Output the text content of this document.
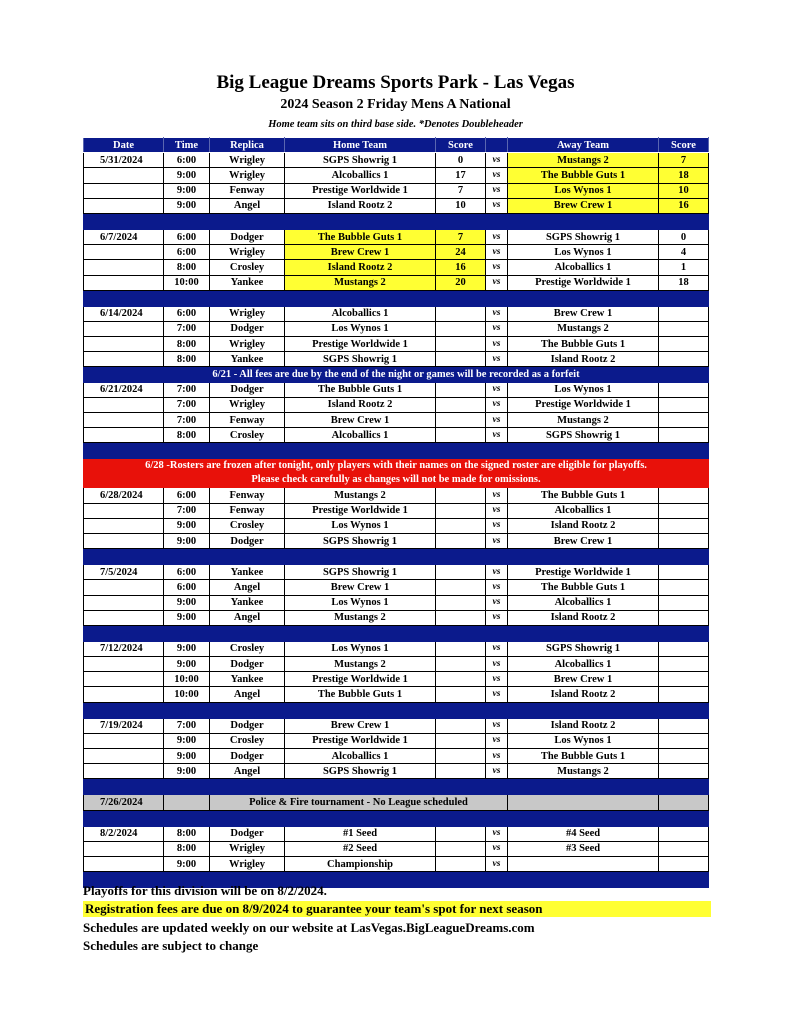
Big League Dreams Sports Park - Las Vegas
2024 Season 2 Friday Mens A National
Home team sits on third base side. *Denotes Doubleheader
Date	Time	Replica	Home Team	Score		Away Team	Score
5/31/2024	6:00	Wrigley	SGPS Showrig 1	0	vs	Mustangs 2	7
	9:00	Wrigley	Alcoballics 1	17	vs	The Bubble Guts 1	18
	9:00	Fenway	Prestige Worldwide 1	7	vs	Los Wynos 1	10
	9:00	Angel	Island Rootz 2	10	vs	Brew Crew 1	16

6/7/2024	6:00	Dodger	The Bubble Guts 1	7	vs	SGPS Showrig 1	0
	6:00	Wrigley	Brew Crew 1	24	vs	Los Wynos 1	4
	8:00	Crosley	Island Rootz 2	16	vs	Alcoballics 1	1
	10:00	Yankee	Mustangs 2	20	vs	Prestige Worldwide 1	18

6/14/2024	6:00	Wrigley	Alcoballics 1		vs	Brew Crew 1	
	7:00	Dodger	Los Wynos 1		vs	Mustangs 2	
	8:00	Wrigley	Prestige Worldwide 1		vs	The Bubble Guts 1	
	8:00	Yankee	SGPS Showrig 1		vs	Island Rootz 2	
6/21 - All fees are due by the end of the night or games will be recorded as a forfeit							
6/21/2024	7:00	Dodger	The Bubble Guts 1		vs	Los Wynos 1	
	7:00	Wrigley	Island Rootz 2		vs	Prestige Worldwide 1	
	7:00	Fenway	Brew Crew 1		vs	Mustangs 2	
	8:00	Crosley	Alcoballics 1		vs	SGPS Showrig 1	

6/28 -Rosters are frozen after tonight, only players with their names on the signed roster are eligible for playoffs.
Please check carefully as changes will not be made for omissions.							

6/28/2024	6:00	Fenway	Mustangs 2		vs	The Bubble Guts 1	
	7:00	Fenway	Prestige Worldwide 1		vs	Alcoballics 1	
	9:00	Crosley	Los Wynos 1		vs	Island Rootz 2	
	9:00	Dodger	SGPS Showrig 1		vs	Brew Crew 1	

7/5/2024	6:00	Yankee	SGPS Showrig 1		vs	Prestige Worldwide 1	
	6:00	Angel	Brew Crew 1		vs	The Bubble Guts 1	
	9:00	Yankee	Los Wynos 1		vs	Alcoballics 1	
	9:00	Angel	Mustangs 2		vs	Island Rootz 2	

7/12/2024	9:00	Crosley	Los Wynos 1		vs	SGPS Showrig 1	
	9:00	Dodger	Mustangs 2		vs	Alcoballics 1	
	10:00	Yankee	Prestige Worldwide 1		vs	Brew Crew 1	
	10:00	Angel	The Bubble Guts 1		vs	Island Rootz 2	

7/19/2024	7:00	Dodger	Brew Crew 1		vs	Island Rootz 2	
	9:00	Crosley	Prestige Worldwide 1		vs	Los Wynos 1	
	9:00	Dodger	Alcoballics 1		vs	The Bubble Guts 1	
	9:00	Angel	SGPS Showrig 1		vs	Mustangs 2	

7/26/2024		Police & Fire tournament - No League scheduled					

8/2/2024	8:00	Dodger	#1 Seed		vs	#4 Seed	
	8:00	Wrigley	#2 Seed		vs	#3 Seed	
	9:00	Wrigley	Championship		vs		

Playoffs for this division will be on 8/2/2024.
Registration fees are due on 8/9/2024 to guarantee your team's spot for next season
Schedules are updated weekly on our website at LasVegas.BigLeagueDreams.com
Schedules are subject to change
